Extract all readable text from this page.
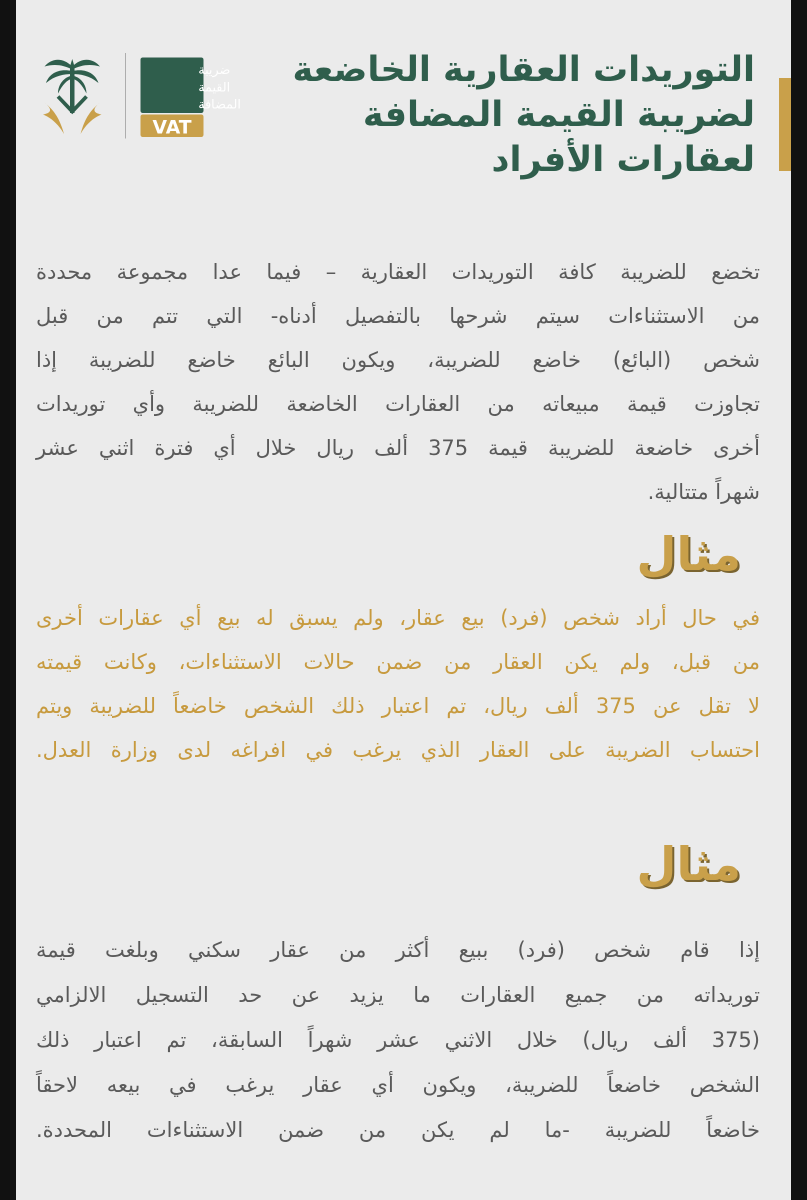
التوريدات العقارية الخاضعة
لضريبة القيمة المضافة
لعقارات الأفراد
ضريبة
القيمة
المضافة
VAT
تخضع للضريبة كافة التوريدات العقارية – فيما عدا مجموعة محددة
من الاستثناءات سيتم شرحها بالتفصيل أدناه- التي تتم من قبل
شخص (البائع) خاضع للضريبة، ويكون البائع خاضع للضريبة إذا
تجاوزت قيمة مبيعاته من العقارات الخاضعة للضريبة وأي توريدات
أخرى خاضعة للضريبة قيمة 375 ألف ريال خلال أي فترة اثني عشر
شهراً متتالية.
مثال
في حال أراد شخص (فرد) بيع عقار، ولم يسبق له بيع أي عقارات أخرى
من قبل، ولم يكن العقار من ضمن حالات الاستثناءات، وكانت قيمته
لا تقل عن 375 ألف ريال، تم اعتبار ذلك الشخص خاضعاً للضريبة ويتم
احتساب الضريبة على العقار الذي يرغب في افراغه لدى وزارة العدل.
مثال
إذا قام شخص (فرد) ببيع أكثر من عقار سكني وبلغت قيمة
توريداته من جميع العقارات ما يزيد عن حد التسجيل الالزامي
(375 ألف ريال) خلال الاثني عشر شهراً السابقة، تم اعتبار ذلك
الشخص خاضعاً للضريبة، ويكون أي عقار يرغب في بيعه لاحقاً
خاضعاً للضريبة -ما لم يكن من ضمن الاستثناءات المحددة.
